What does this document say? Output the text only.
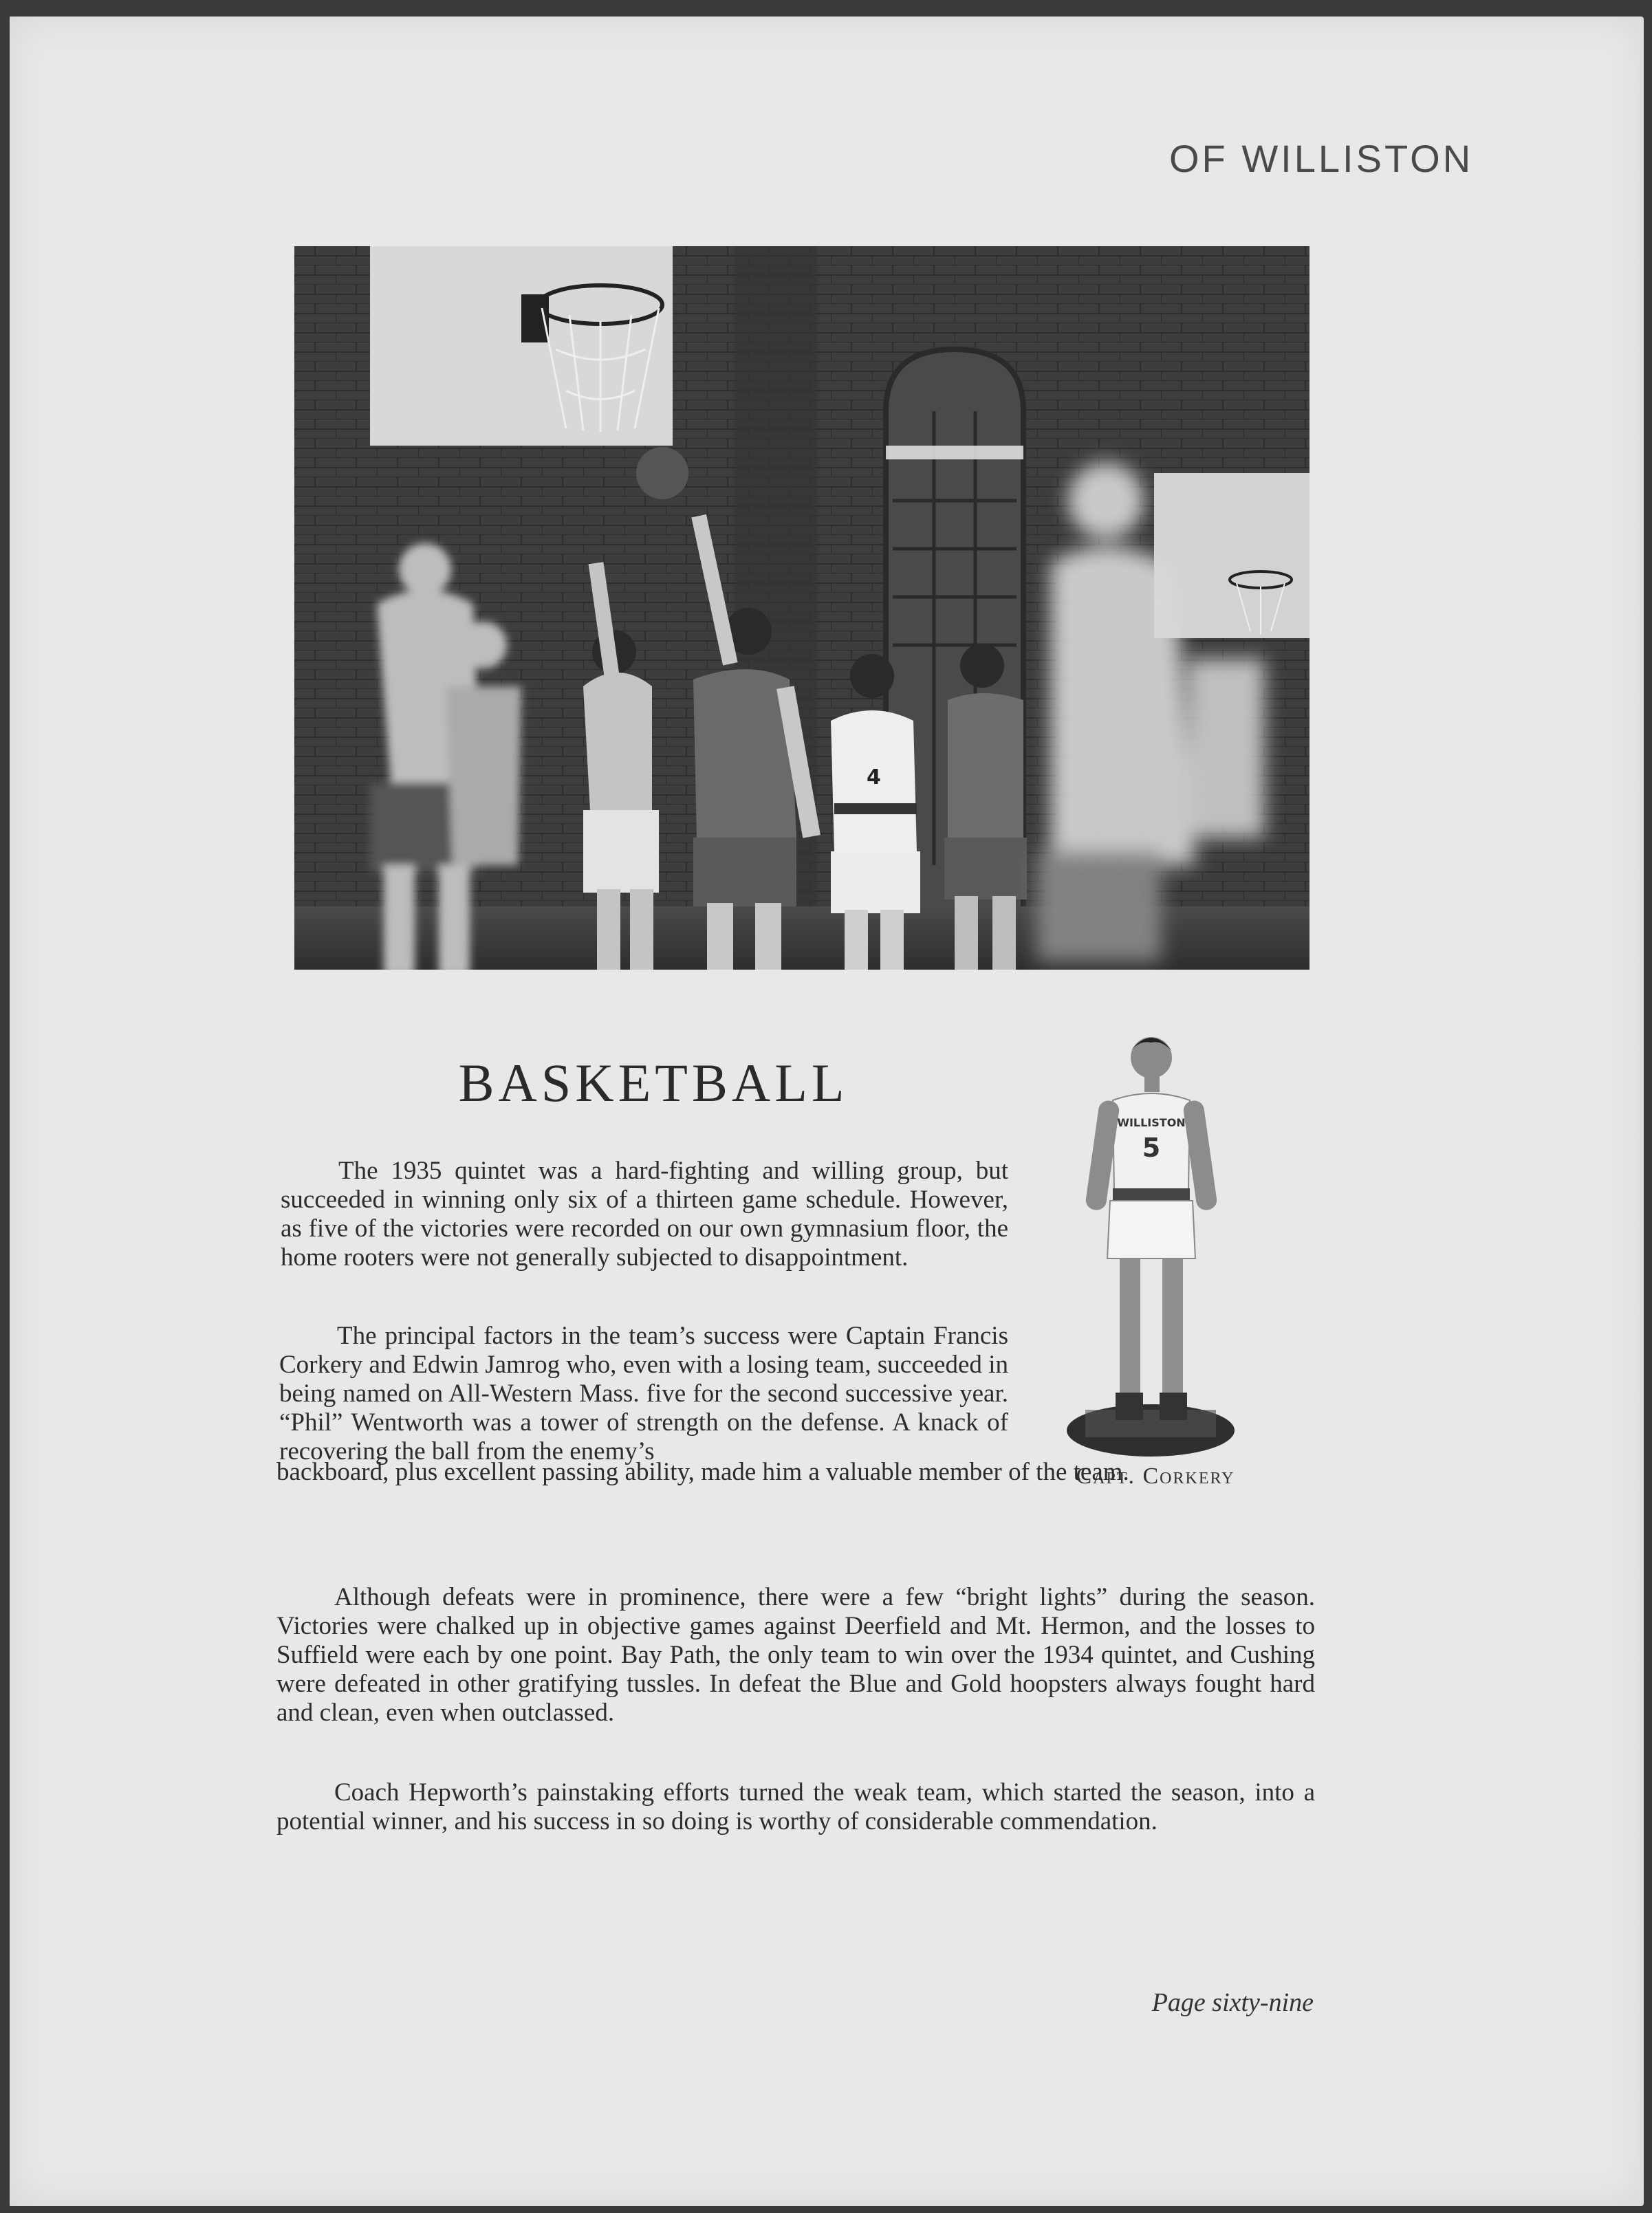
OF WILLISTON
4
BASKETBALL
WILLISTON
5
Capt. Corkery

The 1935 quintet was a hard-fighting and willing group, but succeeded in winning only six of a thirteen game schedule. However, as five of the victories were recorded on our own gymnasium floor, the home rooters were not generally subjected to disappointment.

The principal factors in the team’s success were Captain Francis Corkery and Edwin Jamrog who, even with a losing team, succeeded in being named on All-Western Mass. five for the second successive year. “Phil” Wentworth was a tower of strength on the defense. A knack of recovering the ball from the enemy’s

backboard, plus excellent passing ability, made him a valuable member of the team.

Although defeats were in prominence, there were a few “bright lights” during the season. Victories were chalked up in objective games against Deerfield and Mt. Hermon, and the losses to Suffield were each by one point. Bay Path, the only team to win over the 1934 quintet, and Cushing were defeated in other gratifying tussles. In defeat the Blue and Gold hoopsters always fought hard and clean, even when outclassed.

Coach Hepworth’s painstaking efforts turned the weak team, which started the season, into a potential winner, and his success in so doing is worthy of considerable commendation.

Page sixty-nine
